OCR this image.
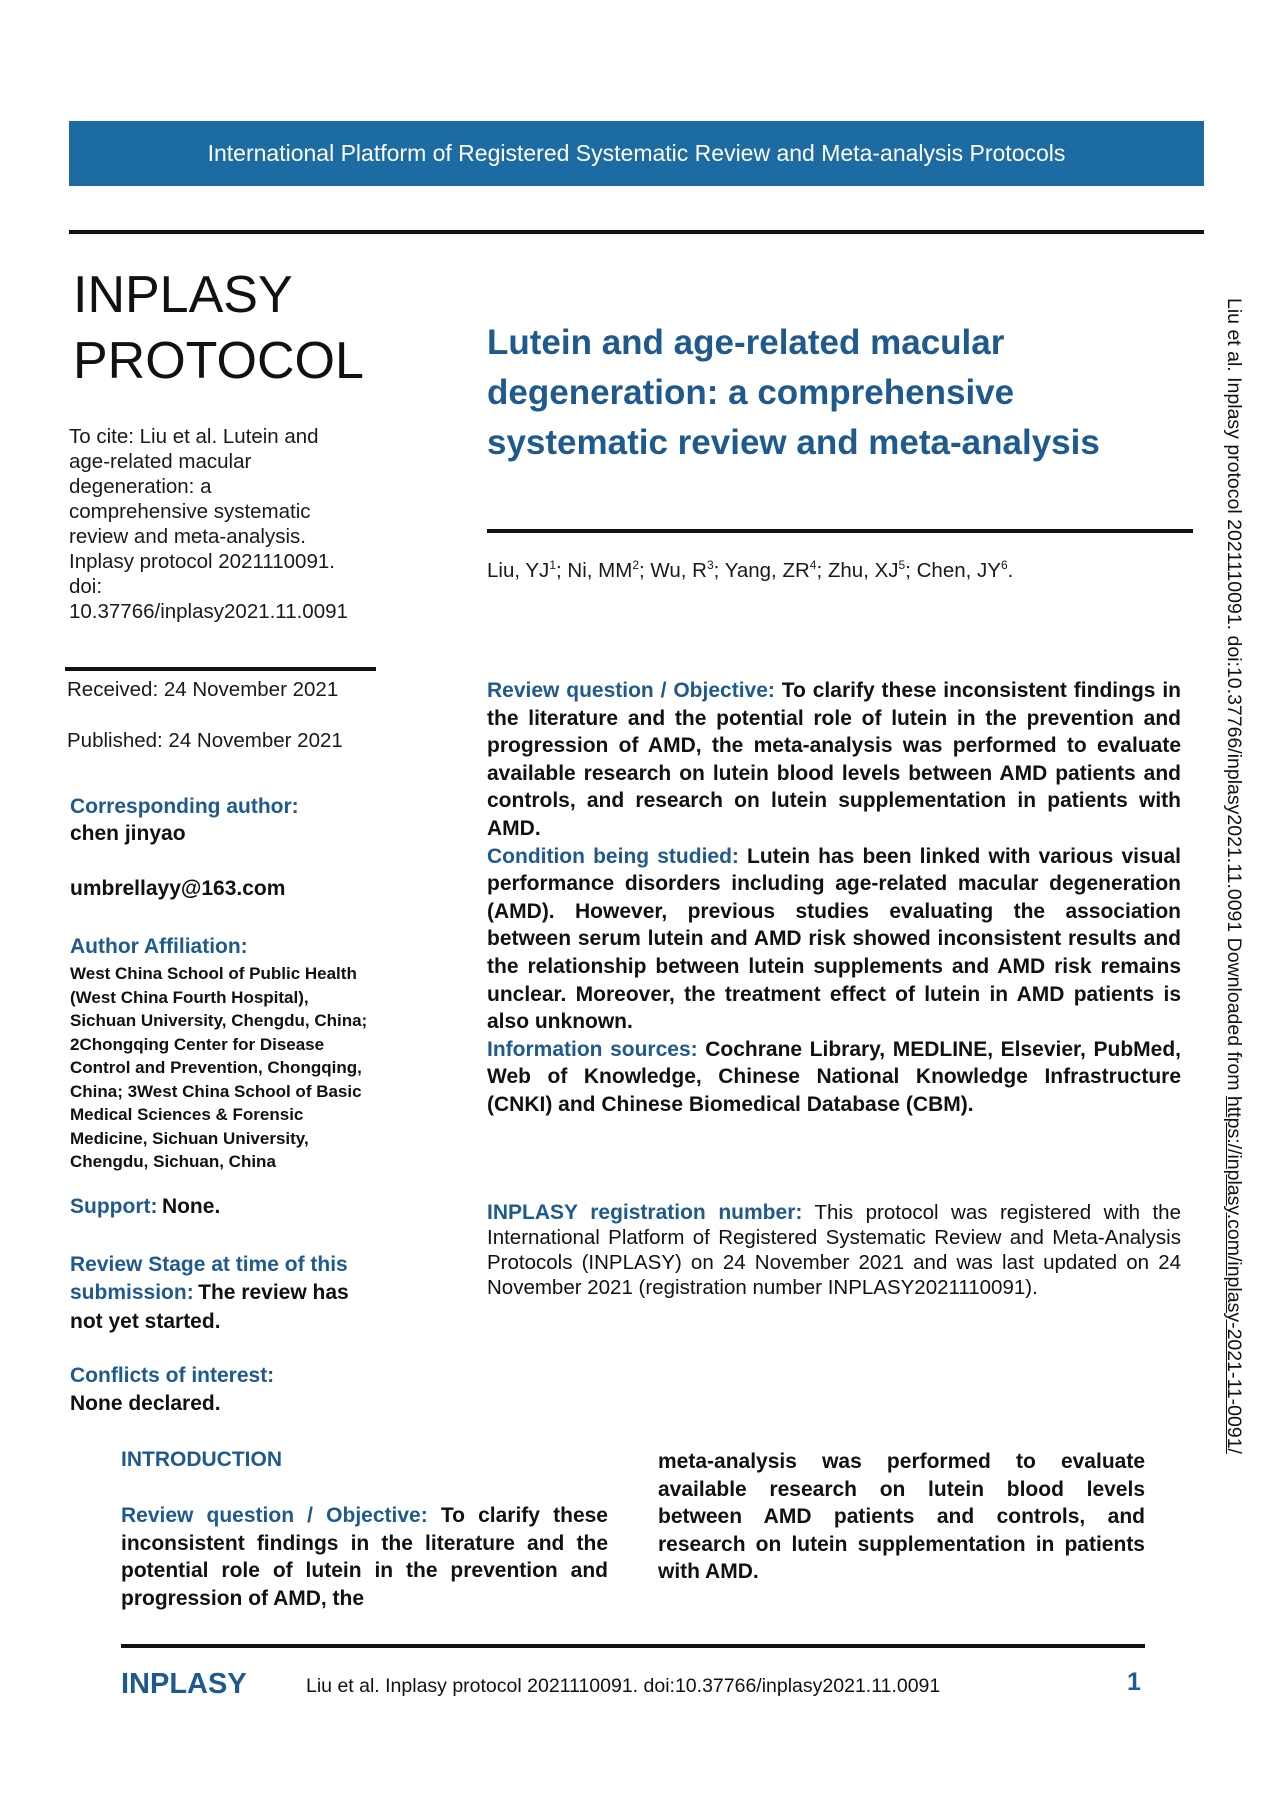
International Platform of Registered Systematic Review and Meta-analysis Protocols
INPLASY
PROTOCOL
To cite: Liu et al. Lutein and
age-related macular
degeneration: a
comprehensive systematic
review and meta-analysis.
Inplasy protocol 2021110091.
doi:
10.37766/inplasy2021.11.0091
Received: 24 November 2021
Published: 24 November 2021
Corresponding author:
chen jinyao
umbrellayy@163.com
Author Affiliation:
West China School of Public Health
(West China Fourth Hospital),
Sichuan University, Chengdu, China;
2Chongqing Center for Disease
Control and Prevention, Chongqing,
China; 3West China School of Basic
Medical Sciences & Forensic
Medicine, Sichuan University,
Chengdu, Sichuan, China
Support: None.
Review Stage at time of this
submission: The review has
not yet started.
Conflicts of interest:
None declared.
Lutein and age-related macular
degeneration: a comprehensive
systematic review and meta-analysis
Liu, $YJ^1$; Ni, $MM^2$; Wu, $R^3$; Yang, $ZR^4$; Zhu, $XJ^5$; Chen, $JY^6$.
Review question / Objective: To clarify these inconsistent findings in the literature and the potential role of lutein in the prevention and progression of AMD, the meta-analysis was performed to evaluate available research on lutein blood levels between AMD patients and controls, and research on lutein supplementation in patients with AMD.
Condition being studied: Lutein has been linked with various visual performance disorders including age-related macular degeneration (AMD). However, previous studies evaluating the association between serum lutein and AMD risk showed inconsistent results and the relationship between lutein supplements and AMD risk remains unclear. Moreover, the treatment effect of lutein in AMD patients is also unknown.
Information sources: Cochrane Library, MEDLINE, Elsevier, PubMed, Web of Knowledge, Chinese National Knowledge Infrastructure (CNKI) and Chinese Biomedical Database (CBM).
INPLASY registration number: This protocol was registered with the International Platform of Registered Systematic Review and Meta-Analysis Protocols (INPLASY) on 24 November 2021 and was last updated on 24 November 2021 (registration number INPLASY2021110091).
INTRODUCTION
Review question / Objective: To clarify these inconsistent findings in the literature and the potential role of lutein in the prevention and progression of AMD, the
meta-analysis was performed to evaluate available research on lutein blood levels between AMD patients and controls, and research on lutein supplementation in patients with AMD.
INPLASY	Liu et al. Inplasy protocol 2021110091. doi:10.37766/inplasy2021.11.0091	1
Liu et al. Inplasy protocol 2021110091. doi:10.37766/inplasy2021.11.0091 Downloaded from https://inplasy.com/inplasy-2021-11-0091/
